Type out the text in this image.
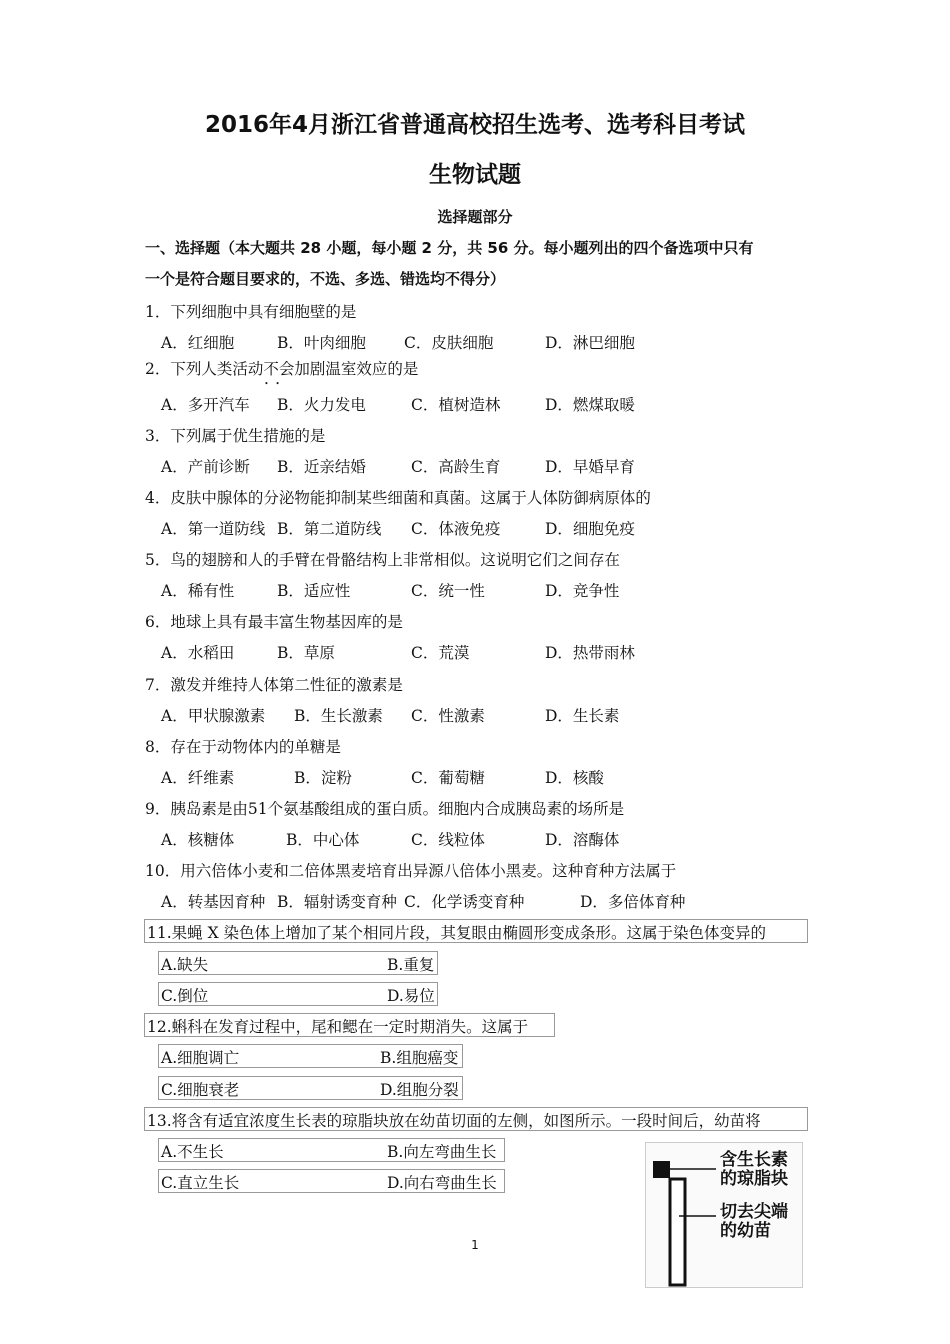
2016年4月浙江省普通高校招生选考、选考科目考试
生物试题
选择题部分
一、选择题（本大题共 28 小题，每小题 2 分，共 56 分。每小题列出的四个备选项中只有
一个是符合题目要求的，不选、多选、错选均不得分）
1．下列细胞中具有细胞壁的是
A．红细胞	B．叶肉细胞 C．皮肤细胞	D．淋巴细胞
2．下列人类活动不会 • •加剧温室效应的是
A．多开汽车 B．火力发电	C．植树造林	D．燃煤取暖
3．下列属于优生措施的是
A．产前诊断 B．近亲结婚	C．高龄生育	D．早婚早育
4．皮肤中腺体的分泌物能抑制某些细菌和真菌。这属于人体防御病原体的
A．第一道防线 B．第二道防线 C．体液免疫	D．细胞免疫
5．鸟的翅膀和人的手臂在骨骼结构上非常相似。这说明它们之间存在
A．稀有性	B．适应性	C．统一性	D．竞争性
6．地球上具有最丰富生物基因库的是
A．水稻田	B．草原	C．荒漠	D．热带雨林
7．激发并维持人体第二性征的激素是
A．甲状腺激素 B．生长激素 C．性激素	D．生长素
8．存在于动物体内的单糖是
A．纤维素	B．淀粉	C．葡萄糖	D．核酸
9．胰岛素是由51个氨基酸组成的蛋白质。细胞内合成胰岛素的场所是
A．核糖体	B．中心体	C．线粒体	D．溶酶体
10．用六倍体小麦和二倍体黑麦培育出异源八倍体小黑麦。这种育种方法属于
A．转基因育种 B．辐射诱变育种 C．化学诱变育种	D．多倍体育种
11.果蝇 X 染色体上增加了某个相同片段，其复眼由椭圆形变成条形。这属于染色体变异的
A.缺失	B.重复
C.倒位	D.易位
12.蝌科在发育过程中，尾和鳃在一定时期消失。这属于
A.细胞调亡	B.组胞癌变
C.细胞衰老	D.组胞分裂
13.将含有适宜浓度生长表的琼脂块放在幼苗切面的左侧，如图所示。一段时间后，幼苗将
A.不生长	B.向左弯曲生长
C.直立生长	D.向右弯曲生长
含生长素
的琼脂块
切去尖端
的幼苗
1
